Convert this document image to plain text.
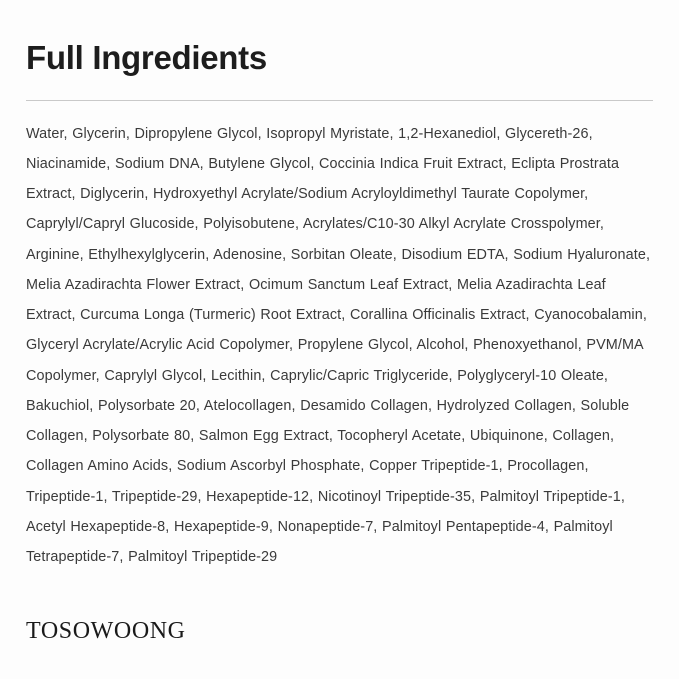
Full Ingredients
Water, Glycerin, Dipropylene Glycol, Isopropyl Myristate, 1,2-Hexanediol, Glycereth-26, Niacinamide, Sodium DNA, Butylene Glycol, Coccinia Indica Fruit Extract, Eclipta Prostrata Extract, Diglycerin, Hydroxyethyl Acrylate/Sodium Acryloyldimethyl Taurate Copolymer, Caprylyl/Capryl Glucoside, Polyisobutene, Acrylates/C10-30 Alkyl Acrylate Crosspolymer, Arginine, Ethylhexylglycerin, Adenosine, Sorbitan Oleate, Disodium EDTA, Sodium Hyaluronate, Melia Azadirachta Flower Extract, Ocimum Sanctum Leaf Extract, Melia Azadirachta Leaf Extract, Curcuma Longa (Turmeric) Root Extract, Corallina Officinalis Extract, Cyanocobalamin, Glyceryl Acrylate/Acrylic Acid Copolymer, Propylene Glycol, Alcohol, Phenoxyethanol, PVM/MA Copolymer, Caprylyl Glycol, Lecithin, Caprylic/Capric Triglyceride, Polyglyceryl-10 Oleate, Bakuchiol, Polysorbate 20, Atelocollagen, Desamido Collagen, Hydrolyzed Collagen, Soluble Collagen, Polysorbate 80, Salmon Egg Extract, Tocopheryl Acetate, Ubiquinone, Collagen, Collagen Amino Acids, Sodium Ascorbyl Phosphate, Copper Tripeptide-1, Procollagen, Tripeptide-1, Tripeptide-29, Hexapeptide-12, Nicotinoyl Tripeptide-35, Palmitoyl Tripeptide-1, Acetyl Hexapeptide-8, Hexapeptide-9, Nonapeptide-7, Palmitoyl Pentapeptide-4, Palmitoyl Tetrapeptide-7, Palmitoyl Tripeptide-29
TOSOWOONG
